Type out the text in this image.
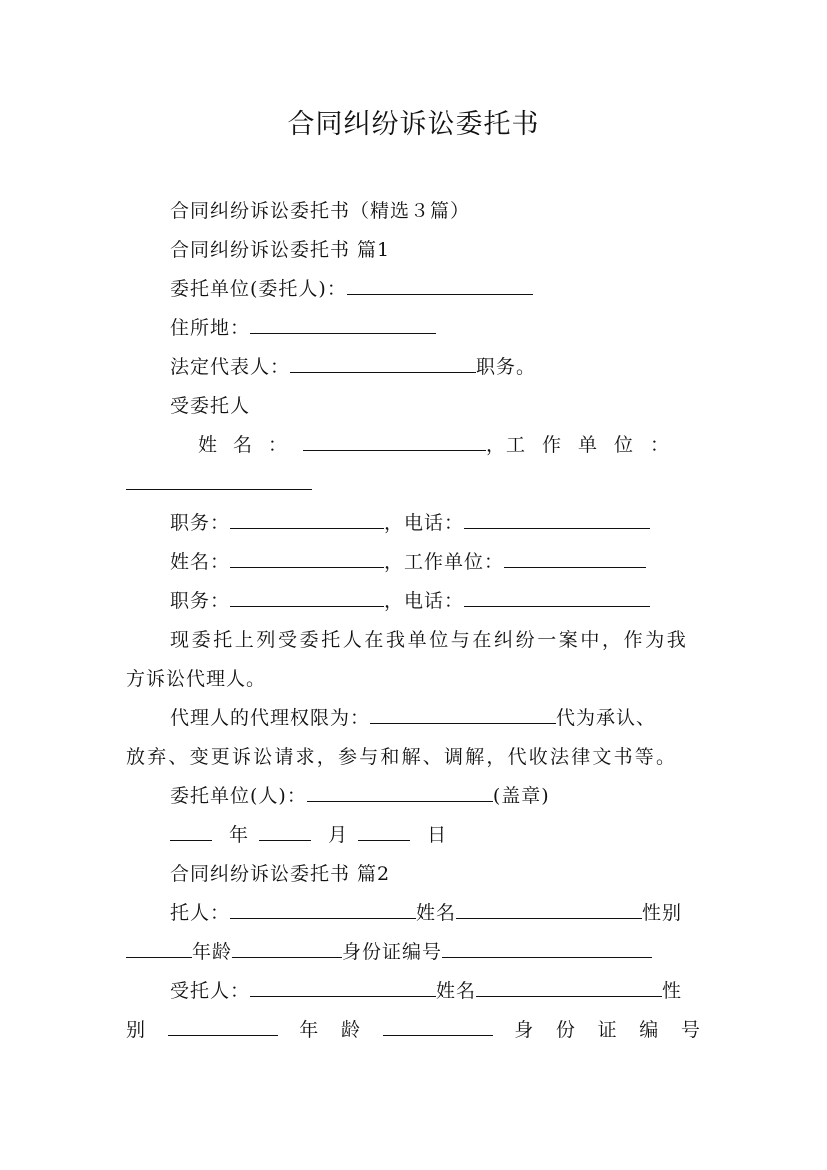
合同纠纷诉讼委托书
合同纠纷诉讼委托书（精选３篇）
合同纠纷诉讼委托书 篇1
委托单位(委托人)：
住所地：
法定代表人：	职务。
受委托人
姓名：	， 工作单位：
职务：	，电话：
姓名：	，工作单位：
职务：	，电话：
现委托上列受委托人在我单位与在纠纷一案中，作为我
方诉讼代理人。
代理人的代理权限为：	代为承认、
放弃、变更诉讼请求，参与和解、调解，代收法律文书等。
委托单位(人)：	(盖章)
年	月	日
合同纠纷诉讼委托书 篇2
托人：	姓名	性别
年龄	身份证编号
受托人：	姓名	性
别	年 龄	身 份 证 编 号
